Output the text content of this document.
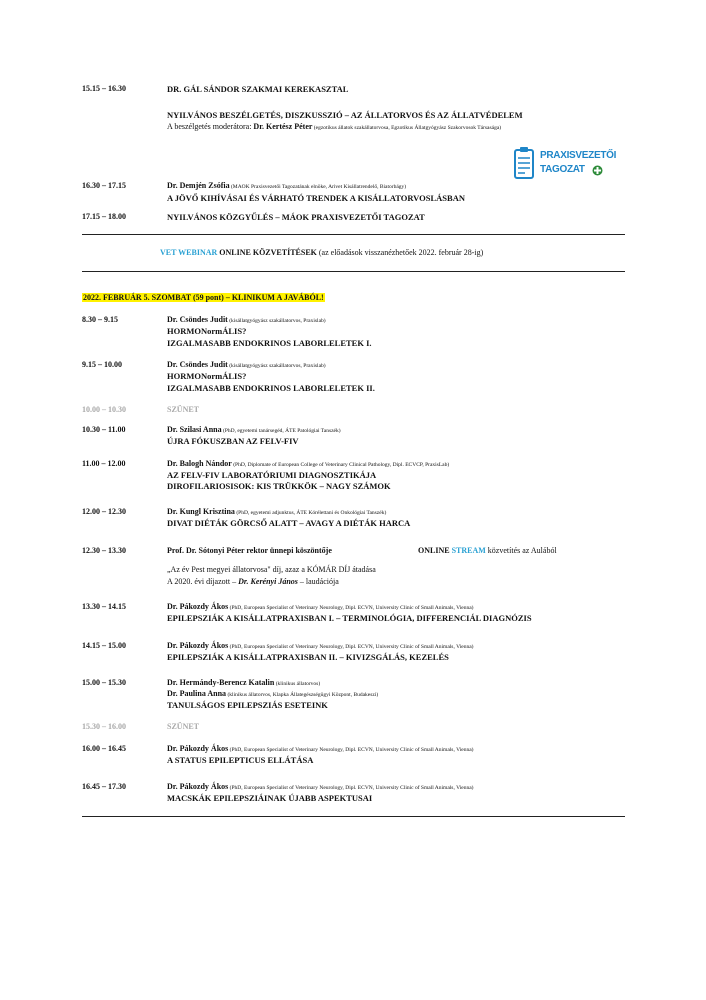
15.15 – 16.30	DR. GÁL SÁNDOR SZAKMAI KEREKASZTAL
NYILVÁNOS BESZÉLGETÉS, DISZKUSSZIÓ – AZ ÁLLATORVOS ÉS AZ ÁLLATVÉDELEM
A beszélgetés moderátora: Dr. Kertész Péter (egzotikus állatok szakállatorvosa, Egzotikus Állatgyógyász Szakorvosok Társasága)
PRAXISVEZETŐI
TAGOZAT
16.30 – 17.15	Dr. Demjén Zsófia (MAOK Praxisvezetői Tagozatának elnöke, Arivet Kisállatrendelő, Biatorbágy)
A JÖVŐ KIHÍVÁSAI ÉS VÁRHATÓ TRENDEK A KISÁLLATORVOSLÁSBAN
17.15 – 18.00	NYILVÁNOS KÖZGYŰLÉS – MÁOK PRAXISVEZETŐI TAGOZAT
VET WEBINAR ONLINE KÖZVETÍTÉSEK (az előadások visszanézhetőek 2022. február 28-ig)
2022. FEBRUÁR 5. SZOMBAT (59 pont) – KLINIKUM A JAVÁBÓL!
8.30 – 9.15	Dr. Csöndes Judit (kisállatgyógyász szakállatorvos, Praxislab)
HORMONormÁLIS?
IZGALMASABB ENDOKRINOS LABORLELETEK I.
9.15 – 10.00	Dr. Csöndes Judit (kisállatgyógyász szakállatorvos, Praxislab)
HORMONormÁLIS?
IZGALMASABB ENDOKRINOS LABORLELETEK II.
10.00 – 10.30	SZÜNET
10.30 – 11.00	Dr. Szilasi Anna (PhD, egyetemi tanársegéd, ÁTE Patológiai Tanszék)
ÚJRA FÓKUSZBAN AZ FELV-FIV
11.00 – 12.00	Dr. Balogh Nándor (PhD, Diplomate of European College of Veterinary Clinical Pathology, Dipl. ECVCP, PraxisLab)
AZ FELV-FIV LABORATÓRIUMI DIAGNOSZTIKÁJA
DIROFILARIOSISOK: KIS TRÜKKÖK – NAGY SZÁMOK
12.00 – 12.30	Dr. Kungl Krisztina (PhD, egyetemi adjunktus, ÁTE Kórélettani és Onkológiai Tanszék)
DIVAT DIÉTÁK GÖRCSŐ ALATT – AVAGY A DIÉTÁK HARCA
12.30 – 13.30	Prof. Dr. Sótonyi Péter rektor ünnepi köszöntője	ONLINE STREAM közvetítés az Aulából
„Az év Pest megyei állatorvosa" díj, azaz a KÓMÁR DÍJ átadása
A 2020. évi díjazott – Dr. Kerényi János – laudációja
13.30 – 14.15	Dr. Pákozdy Ákos (PhD, European Specialist of Veterinary Neurology, Dipl. ECVN, University Clinic of Small Animals, Vienna)
EPILEPSZIÁK A KISÁLLATPRAXISBAN I. – TERMINOLÓGIA, DIFFERENCIÁL DIAGNÓZIS
14.15 – 15.00	Dr. Pákozdy Ákos (PhD, European Specialist of Veterinary Neurology, Dipl. ECVN, University Clinic of Small Animals, Vienna)
EPILEPSZIÁK A KISÁLLATPRAXISBAN II. – KIVIZSGÁLÁS, KEZELÉS
15.00 – 15.30	Dr. Hermándy-Berencz Katalin (klinikus állatorvos)
Dr. Paulina Anna (klinikus állatorvos, Klapka Állategészségügyi Központ, Budakeszi)
TANULSÁGOS EPILEPSZIÁS ESETEINK
15.30 – 16.00	SZÜNET
16.00 – 16.45	Dr. Pákozdy Ákos (PhD, European Specialist of Veterinary Neurology, Dipl. ECVN, University Clinic of Small Animals, Vienna)
A STATUS EPILEPTICUS ELLÁTÁSA
16.45 – 17.30	Dr. Pákozdy Ákos (PhD, European Specialist of Veterinary Neurology, Dipl. ECVN, University Clinic of Small Animals, Vienna)
MACSKÁK EPILEPSZIÁINAK ÚJABB ASPEKTUSAI
